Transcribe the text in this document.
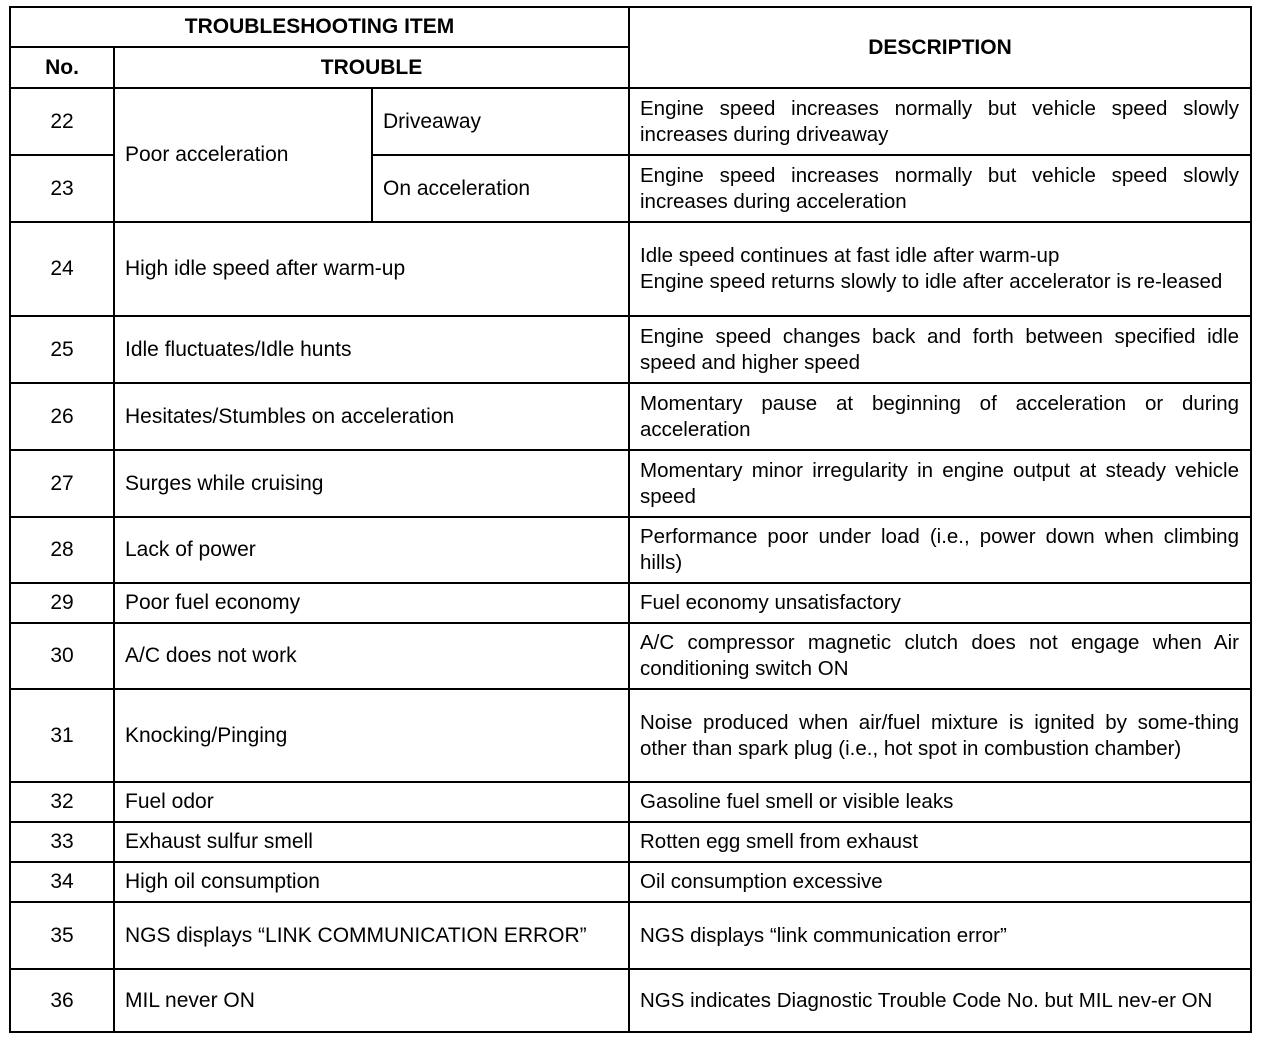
TROUBLESHOOTING ITEM			DESCRIPTION
No.	TROUBLE		
22	Poor acceleration	Driveaway	Engine speed increases normally but vehicle speed slowly increases during driveaway
23		On acceleration	Engine speed increases normally but vehicle speed slowly increases during acceleration
24	High idle speed after warm-up		Idle speed continues at fast idle after warm-up
Engine speed returns slowly to idle after accelerator is re-leased
25	Idle fluctuates/Idle hunts		Engine speed changes back and forth between specified idle speed and higher speed
26	Hesitates/Stumbles on acceleration		Momentary pause at beginning of acceleration or during acceleration
27	Surges while cruising		Momentary minor irregularity in engine output at steady vehicle speed
28	Lack of power		Performance poor under load (i.e., power down when climbing hills)
29	Poor fuel economy		Fuel economy unsatisfactory
30	A/C does not work		A/C compressor magnetic clutch does not engage when Air conditioning switch ON
31	Knocking/Pinging		Noise produced when air/fuel mixture is ignited by some-thing other than spark plug (i.e., hot spot in combustion chamber)
32	Fuel odor		Gasoline fuel smell or visible leaks
33	Exhaust sulfur smell		Rotten egg smell from exhaust
34	High oil consumption		Oil consumption excessive
35	NGS displays “LINK COMMUNICATION ERROR”		NGS displays “link communication error”
36	MIL never ON		NGS indicates Diagnostic Trouble Code No. but MIL nev-er ON
